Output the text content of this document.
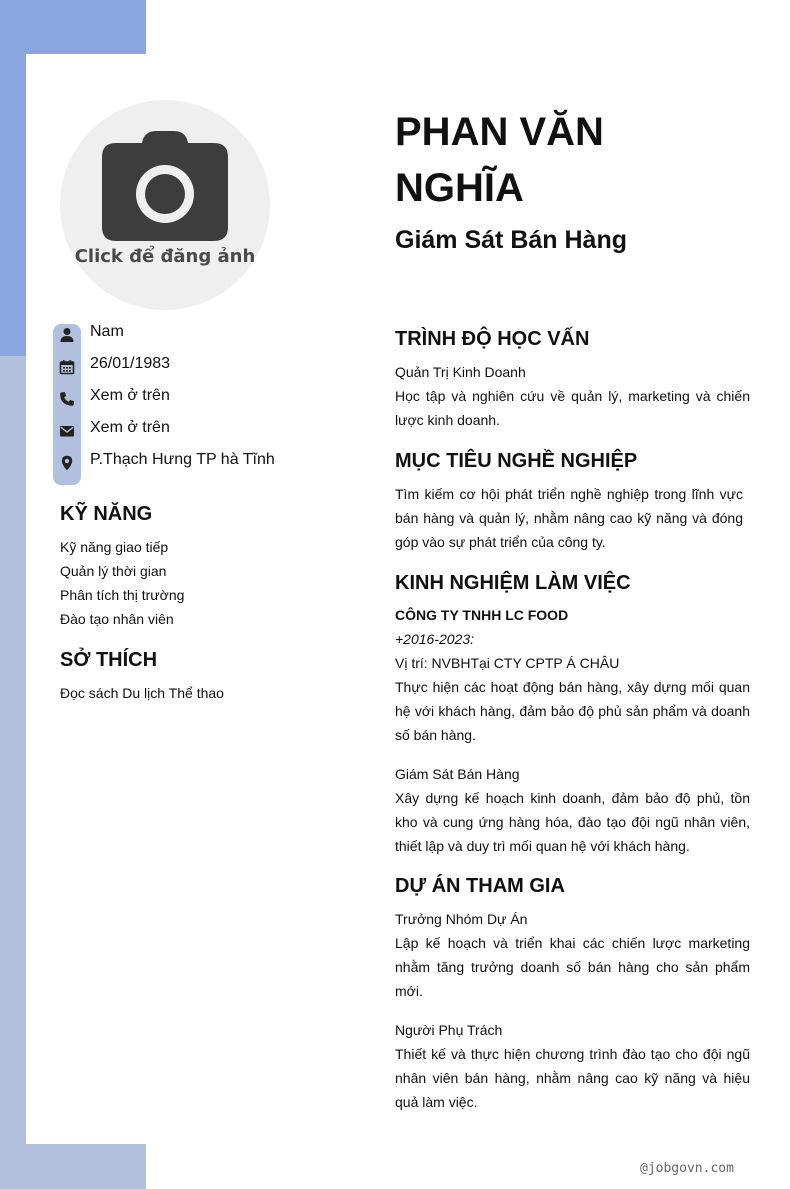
Click để đăng ảnh
Nam
26/01/1983
Xem ở trên
Xem ở trên
P.Thạch Hưng TP hà Tĩnh
KỸ NĂNG
Kỹ năng giao tiếp
Quản lý thời gian
Phân tích thị trường
Đào tạo nhân viên
SỞ THÍCH
Đọc sách Du lịch Thể thao
PHAN VĂN NGHĨA
Giám Sát Bán Hàng
TRÌNH ĐỘ HỌC VẤN

Quản Trị Kinh Doanh

Học tập và nghiên cứu về quản lý, marketing và chiến lược kinh doanh.

MỤC TIÊU NGHỀ NGHIỆP

Tìm kiếm cơ hội phát triển nghề nghiệp trong lĩnh vực bán hàng và quản lý, nhằm nâng cao kỹ năng và đóng góp vào sự phát triển của công ty.

KINH NGHIỆM LÀM VIỆC

CÔNG TY TNHH LC FOOD

+2016-2023:

Vị trí: NVBHTại CTY CPTP Á CHÂU

Thực hiện các hoạt động bán hàng, xây dựng mối quan hệ với khách hàng, đảm bảo độ phủ sản phẩm và doanh số bán hàng.

Giám Sát Bán Hàng

Xây dựng kế hoạch kinh doanh, đảm bảo độ phủ, tồn kho và cung ứng hàng hóa, đào tạo đội ngũ nhân viên, thiết lập và duy trì mối quan hệ với khách hàng.

DỰ ÁN THAM GIA

Trưởng Nhóm Dự Án

Lập kế hoạch và triển khai các chiến lược marketing nhằm tăng trưởng doanh số bán hàng cho sản phẩm mới.

Người Phụ Trách

Thiết kế và thực hiện chương trình đào tạo cho đội ngũ nhân viên bán hàng, nhằm nâng cao kỹ năng và hiệu quả làm việc.

@jobgovn.com
